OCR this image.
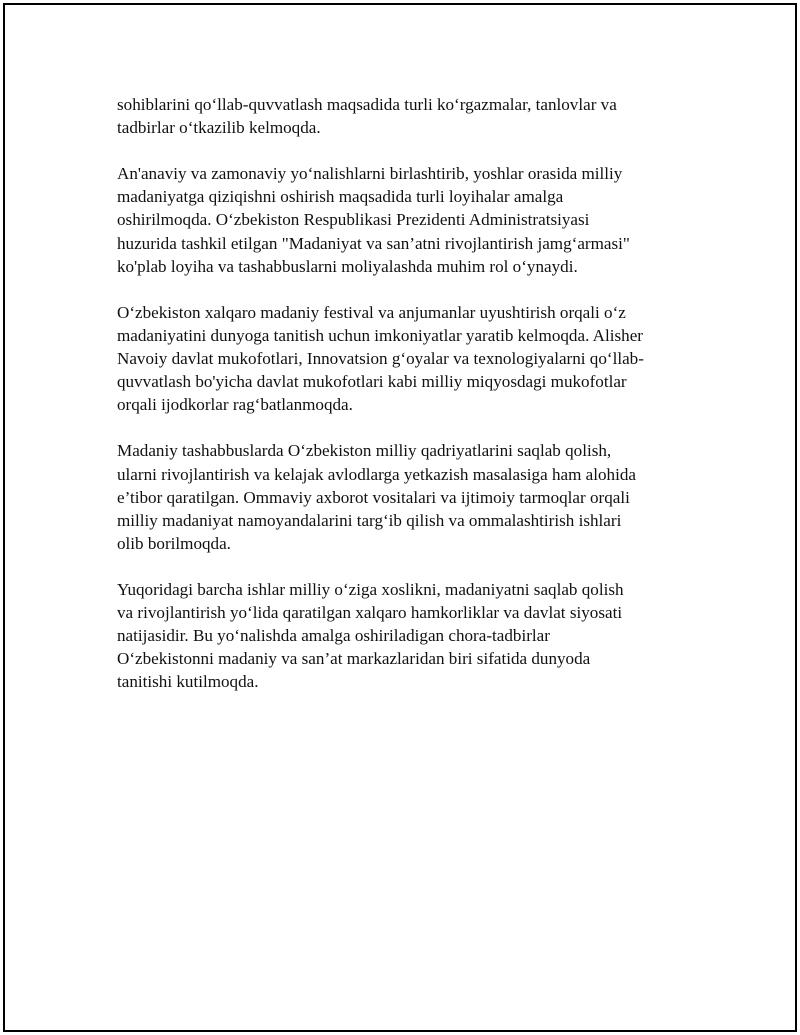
sohiblarini qo‘llab-quvvatlash maqsadida turli ko‘rgazmalar, tanlovlar va
tadbirlar o‘tkazilib kelmoqda.

An'anaviy va zamonaviy yo‘nalishlarni birlashtirib, yoshlar orasida milliy
madaniyatga qiziqishni oshirish maqsadida turli loyihalar amalga
oshirilmoqda. O‘zbekiston Respublikasi Prezidenti Administratsiyasi
huzurida tashkil etilgan "Madaniyat va san’atni rivojlantirish jamg‘armasi"
ko'plab loyiha va tashabbuslarni moliyalashda muhim rol o‘ynaydi.

O‘zbekiston xalqaro madaniy festival va anjumanlar uyushtirish orqali o‘z
madaniyatini dunyoga tanitish uchun imkoniyatlar yaratib kelmoqda. Alisher
Navoiy davlat mukofotlari, Innovatsion g‘oyalar va texnologiyalarni qo‘llab-
quvvatlash bo'yicha davlat mukofotlari kabi milliy miqyosdagi mukofotlar
orqali ijodkorlar rag‘batlanmoqda.

Madaniy tashabbuslarda O‘zbekiston milliy qadriyatlarini saqlab qolish,
ularni rivojlantirish va kelajak avlodlarga yetkazish masalasiga ham alohida
e’tibor qaratilgan. Ommaviy axborot vositalari va ijtimoiy tarmoqlar orqali
milliy madaniyat namoyandalarini targ‘ib qilish va ommalashtirish ishlari
olib borilmoqda.

Yuqoridagi barcha ishlar milliy o‘ziga xoslikni, madaniyatni saqlab qolish
va rivojlantirish yo‘lida qaratilgan xalqaro hamkorliklar va davlat siyosati
natijasidir. Bu yo‘nalishda amalga oshiriladigan chora-tadbirlar
O‘zbekistonni madaniy va san’at markazlaridan biri sifatida dunyoda
tanitishi kutilmoqda.
